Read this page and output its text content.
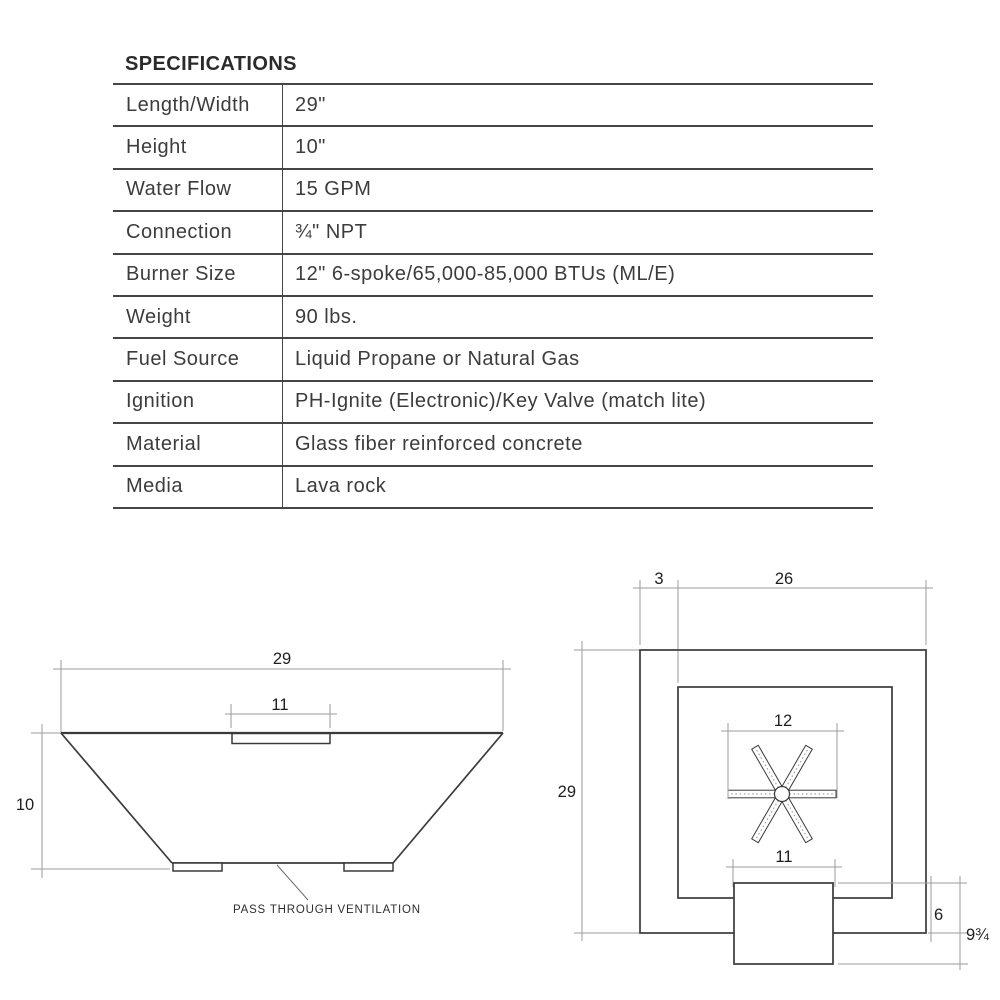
SPECIFICATIONS
Length/Width	29"
Height	10"
Water Flow	15 GPM
Connection	¾" NPT
Burner Size	12" 6-spoke/65,000-85,000 BTUs (ML/E)
Weight	90 lbs.
Fuel Source	Liquid Propane or Natural Gas
Ignition	PH-Ignite (Electronic)/Key Valve (match lite)
Material	Glass fiber reinforced concrete
Media	Lava rock
PASS THROUGH VENTILATION
29
11
10
3	26
29
12
11
6
9¾
